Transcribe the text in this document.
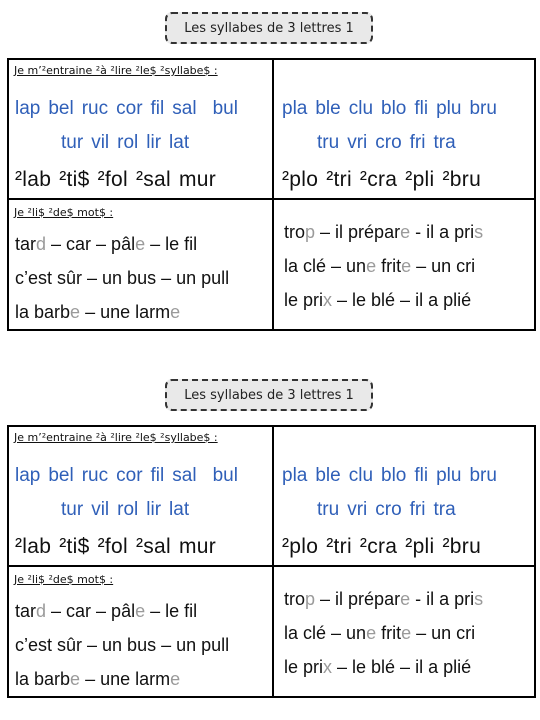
Les syllabes de 3 lettres 1
Je m’²entraine ²à ²lire ²le$ ²syllabe$ :
lap bel ruc cor fil sal bul
tur vil rol lir lat
²lab ²ti$ ²fol ²sal mur
pla ble clu blo fli plu bru
tru vri cro fri tra
²plo ²tri ²cra ²pli ²bru
Je ²li$ ²de$ mot$ :
tard – car – pâle – le fil
c’est sûr – un bus – un pull
la barbe – une larme
trop – il prépare - il a pris
la clé – une frite – un cri
le prix – le blé – il a plié
Les syllabes de 3 lettres 1
Je m’²entraine ²à ²lire ²le$ ²syllabe$ :
lap bel ruc cor fil sal bul
tur vil rol lir lat
²lab ²ti$ ²fol ²sal mur
pla ble clu blo fli plu bru
tru vri cro fri tra
²plo ²tri ²cra ²pli ²bru
Je ²li$ ²de$ mot$ :
tard – car – pâle – le fil
c’est sûr – un bus – un pull
la barbe – une larme
trop – il prépare - il a pris
la clé – une frite – un cri
le prix – le blé – il a plié
